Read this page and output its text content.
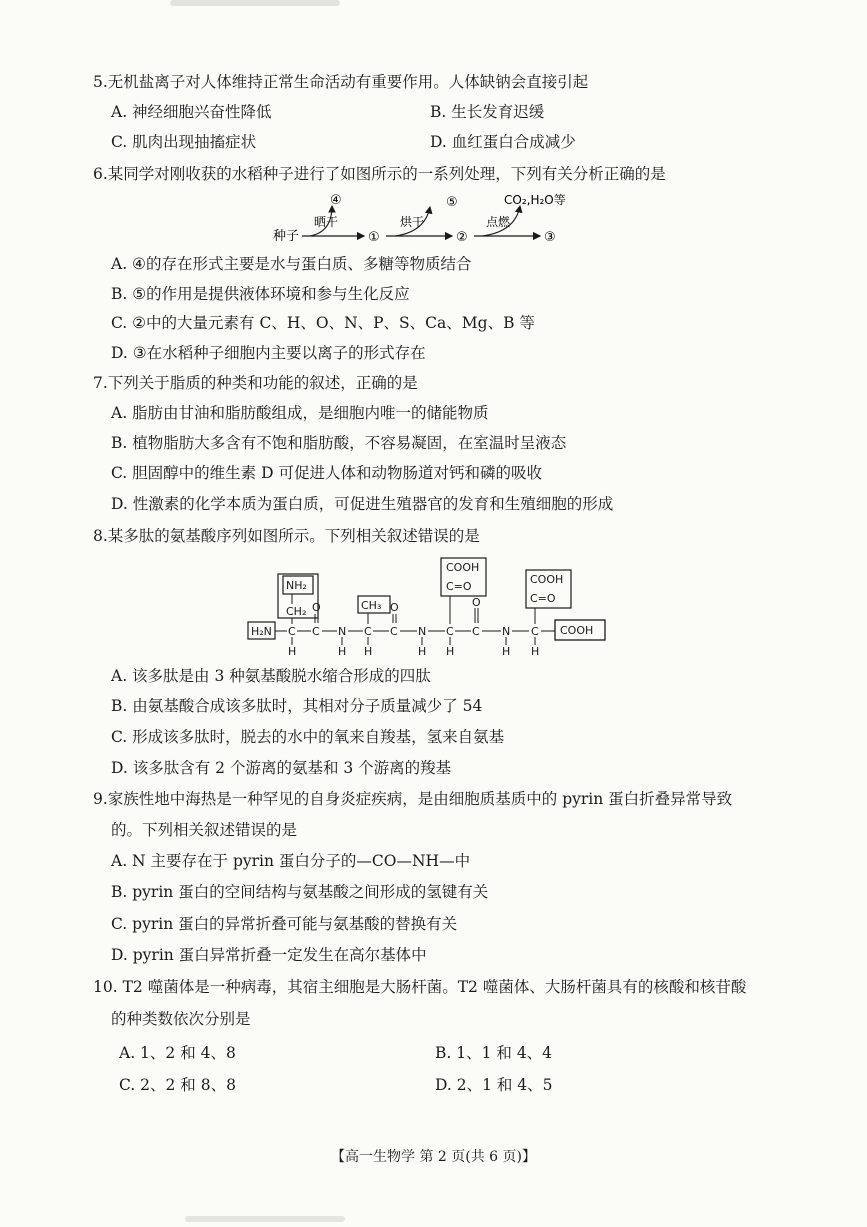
5.无机盐离子对人体维持正常生命活动有重要作用。人体缺钠会直接引起
A. 神经细胞兴奋性降低	B. 生长发育迟缓
C. 肌肉出现抽搐症状	D. 血红蛋白合成减少
6.某同学对刚收获的水稻种子进行了如图所示的一系列处理，下列有关分析正确的是
种子
晒干
④
①
烘干
⑤
②
点燃
CO₂,H₂O等
③
A. ④的存在形式主要是水与蛋白质、多糖等物质结合
B. ⑤的作用是提供液体环境和参与生化反应
C. ②中的大量元素有 C、H、O、N、P、S、Ca、Mg、B 等
D. ③在水稻种子细胞内主要以离子的形式存在
7.下列关于脂质的种类和功能的叙述，正确的是
A. 脂肪由甘油和脂肪酸组成，是细胞内唯一的储能物质
B. 植物脂肪大多含有不饱和脂肪酸，不容易凝固，在室温时呈液态
C. 胆固醇中的维生素 D 可促进人体和动物肠道对钙和磷的吸收
D. 性激素的化学本质为蛋白质，可促进生殖器官的发育和生殖细胞的形成
8.某多肽的氨基酸序列如图所示。下列相关叙述错误的是
NH₂
CH₂
H₂N C
H
C
O
N
H
CH₃
C
H
C
O
N
H
COOH
C=O
C
H
C
O
N
H
COOH
C=O
C
H
COOH
A. 该多肽是由 3 种氨基酸脱水缩合形成的四肽
B. 由氨基酸合成该多肽时，其相对分子质量减少了 54
C. 形成该多肽时，脱去的水中的氧来自羧基，氢来自氨基
D. 该多肽含有 2 个游离的氨基和 3 个游离的羧基
9.家族性地中海热是一种罕见的自身炎症疾病，是由细胞质基质中的 pyrin 蛋白折叠异常导致
的。下列相关叙述错误的是
A. N 主要存在于 pyrin 蛋白分子的—CO—NH—中
B. pyrin 蛋白的空间结构与氨基酸之间形成的氢键有关
C. pyrin 蛋白的异常折叠可能与氨基酸的替换有关
D. pyrin 蛋白异常折叠一定发生在高尔基体中
10. T2 噬菌体是一种病毒，其宿主细胞是大肠杆菌。T2 噬菌体、大肠杆菌具有的核酸和核苷酸
的种类数依次分别是
A. 1、2 和 4、8	B. 1、1 和 4、4
C. 2、2 和 8、8	D. 2、1 和 4、5
【高一生物学 第 2 页(共 6 页)】
